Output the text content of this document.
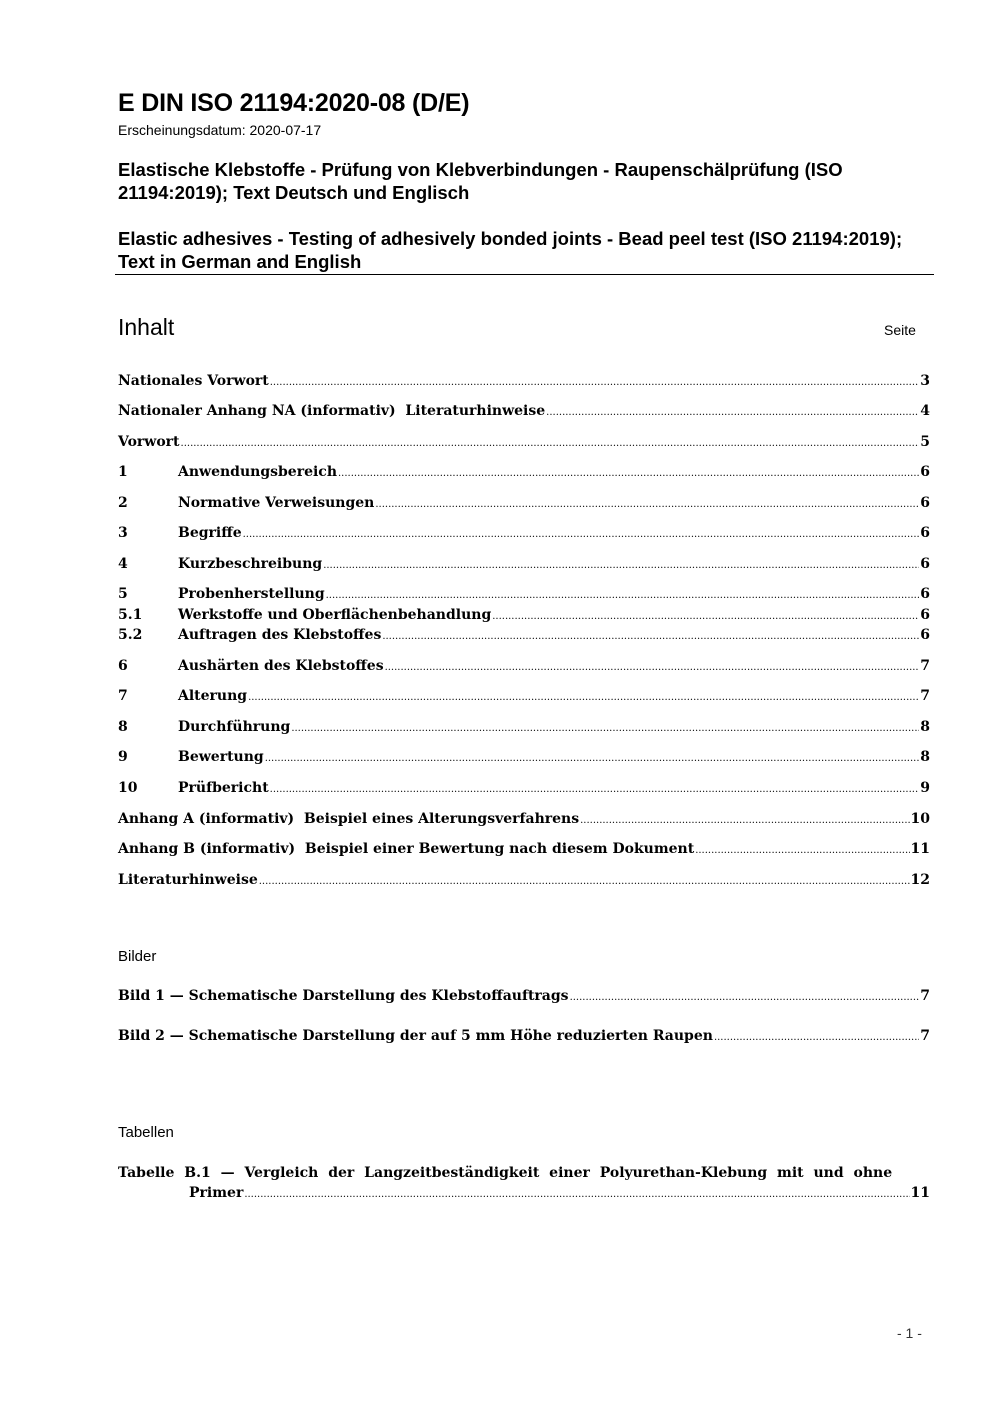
E DIN ISO 21194:2020-08 (D/E)
Erscheinungsdatum: 2020-07-17
Elastische Klebstoffe - Prüfung von Klebverbindungen - Raupenschälprüfung (ISO 21194:2019); Text Deutsch und Englisch
Elastic adhesives - Testing of adhesively bonded joints - Bead peel test (ISO 21194:2019); Text in German and English
Inhalt	Seite
Nationales Vorwort .....	3
Nationaler Anhang NA (informativ)  Literaturhinweise .....	4
Vorwort .....	5
1	Anwendungsbereich .....	6
2	Normative Verweisungen .....	6
3	Begriffe .....	6
4	Kurzbeschreibung .....	6
5	Probenherstellung .....	6
5.1	Werkstoffe und Oberflächenbehandlung .....	6
5.2	Auftragen des Klebstoffes .....	6
6	Aushärten des Klebstoffes .....	7
7	Alterung .....	7
8	Durchführung .....	8
9	Bewertung .....	8
10	Prüfbericht .....	9
Anhang A (informativ)  Beispiel eines Alterungsverfahrens .....	10
Anhang B (informativ)  Beispiel einer Bewertung nach diesem Dokument .....	11
Literaturhinweise .....	12
Bilder
Bild 1 — Schematische Darstellung des Klebstoffauftrags .....	7
Bild 2 — Schematische Darstellung der auf 5 mm Höhe reduzierten Raupen .....	7
Tabellen
Tabelle B.1 — Vergleich der Langzeitbeständigkeit einer Polyurethan-Klebung mit und ohne
Primer .....	11
- 1 -
